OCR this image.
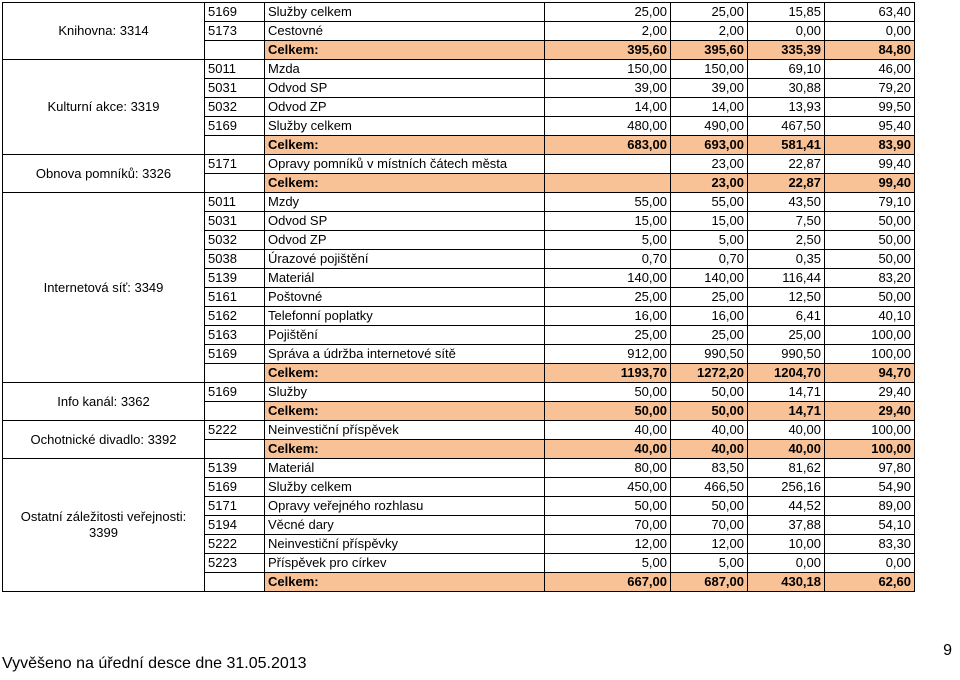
Knihovna: 3314	5169	Služby celkem	25,00	25,00	15,85	63,40
	5173	Cestovné	2,00	2,00	0,00	0,00
		Celkem:	395,60	395,60	335,39	84,80
Kulturní akce: 3319	5011	Mzda	150,00	150,00	69,10	46,00
	5031	Odvod SP	39,00	39,00	30,88	79,20
	5032	Odvod ZP	14,00	14,00	13,93	99,50
	5169	Služby celkem	480,00	490,00	467,50	95,40
		Celkem:	683,00	693,00	581,41	83,90
Obnova pomníků: 3326	5171	Opravy pomníků v místních čátech města		23,00	22,87	99,40
		Celkem:		23,00	22,87	99,40
Internetová síť: 3349	5011	Mzdy	55,00	55,00	43,50	79,10
	5031	Odvod SP	15,00	15,00	7,50	50,00
	5032	Odvod ZP	5,00	5,00	2,50	50,00
	5038	Úrazové pojištění	0,70	0,70	0,35	50,00
	5139	Materiál	140,00	140,00	116,44	83,20
	5161	Poštovné	25,00	25,00	12,50	50,00
	5162	Telefonní poplatky	16,00	16,00	6,41	40,10
	5163	Pojištění	25,00	25,00	25,00	100,00
	5169	Správa a údržba internetové sítě	912,00	990,50	990,50	100,00
		Celkem:	1193,70	1272,20	1204,70	94,70
Info kanál: 3362	5169	Služby	50,00	50,00	14,71	29,40
		Celkem:	50,00	50,00	14,71	29,40
Ochotnické divadlo: 3392	5222	Neinvestiční příspěvek	40,00	40,00	40,00	100,00
		Celkem:	40,00	40,00	40,00	100,00
Ostatní záležitosti veřejnosti: 3399	5139	Materiál	80,00	83,50	81,62	97,80
	5169	Služby celkem	450,00	466,50	256,16	54,90
	5171	Opravy veřejného rozhlasu	50,00	50,00	44,52	89,00
	5194	Věcné dary	70,00	70,00	37,88	54,10
	5222	Neinvestiční příspěvky	12,00	12,00	10,00	83,30
	5223	Příspěvek pro církev	5,00	5,00	0,00	0,00
		Celkem:	667,00	687,00	430,18	62,60
Vyvěšeno na úřední desce dne 31.05.2013
9
